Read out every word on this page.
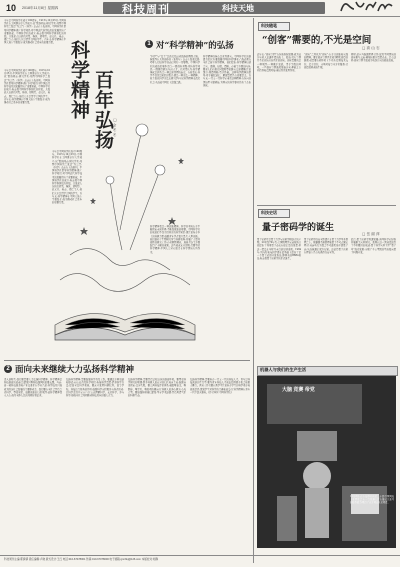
10 2018年11月8日 星期四	科技周刊	科技天地
科学精神 百年弘扬 □ 余 冬 冬
今年是中国科学社成立100周年。1915年10月25日,中国科学社在美国康奈尔大学成立,以“联络同志,研究学术,共图中国科学之发达”为宗旨,《科学》杂志在上海创刊。中国科学社倡导科学精神,推广科学知识,对中国近代科学技术的发展作出了重要贡献。中国科学社的成立,标志着中国科学体制化的开端。其发起人包括任鸿隽、杨铨、胡明复、赵元任、秉志、周仁等人,他们大多是留学美国的学生。百年来,科学精神在中国大地上生根发芽,成为推动社会进步的重要力量。
今年是中国科学社成立100周年。1915年10月25日,中国科学社在美国康奈尔大学成立,以“联络同志,研究学术,共图中国科学之发达”为宗旨,《科学》杂志在上海创刊。中国科学社倡导科学精神,推广科学知识,对中国近代科学技术的发展作出了重要贡献。中国科学社的成立,标志着中国科学体制化的开端。其发起人包括任鸿隽、杨铨、胡明复、赵元任、秉志、周仁等人,他们大多是留学美国的学生。百年来,科学精神在中国大地上生根发芽,成为推动社会进步的重要力量。
今年是中国科学社成立100周年。1915年10月25日,中国科学社在美国康奈尔大学成立,以“联络同志,研究学术,共图中国科学之发达”为宗旨,《科学》杂志在上海创刊。中国科学社倡导科学精神,推广科学知识,对中国近代科学技术的发展作出了重要贡献。中国科学社的成立,标志着中国科学体制化的开端。其发起人包括任鸿隽、杨铨、胡明复、赵元任、秉志、周仁等人,他们大多是留学美国的学生。百年来,科学精神在中国大地上生根发芽,成为推动社会进步的重要力量。
1 对“科学精神”的弘扬
“科学”与“民主”是新文化运动高扬的两面大旗。陈独秀在其所创办的《新青年》杂志上发表文章,呼吁人们以科学的态度对待一切事物。中国科学社的成员们身体力行,一面创办刊物,宣传科学知识,一面组织研究,培养人才。任鸿隽认为,科学精神就是求真,是一种追求真理的态度。在他看来,科学不仅仅是知识的集合,更是一种方法,一种精神。他主张以科学方法来研究学问,以科学精神来改造社会,从而使中国走上富强之路。
科学精神的核心是求真务实。中国科学社的创建者们认为,要发展中国的科学事业,首先必须在全社会树立科学精神。他们提出,科学精神包括崇实、贵确、察微、慎断、存疑等方面的内容,要求人们在研究问题时尊重事实,追求精确,注重细节,谨慎判断,勇于怀疑。这种科学精神的倡导,对于破除迷信、解放思想具有重要意义。百年来,一代又一代科学家秉承这种精神,在各自的领域里辛勤耕耘,为国家的科学事业作出了杰出贡献。
科学精神也是一种创新精神。科学的本质在于不断探索未知世界,不断发现新的规律。中国科学社的成员们不仅引进西方的科学知识,更注重培养本土的科研力量,鼓励青年学者独立思考,大胆创新。他们创办了生物研究所等科研机构,开展了大量开创性的研究工作,在动植物调查、地质考察等方面取得了丰硕的成果。这些成就充分说明,只要坚持科学精神,中国人完全有能力在科学领域有所作为。
2 面向未来继续大力弘扬科学精神
进入新时代,我们更需要大力弘扬科学精神。科学精神是科技创新的灵魂,是建设世界科技强国的重要支撑。当前,新一轮科技革命和产业变革正在孕育兴起,科学技术日益成为经济社会发展的主要驱动力。我们要在全社会营造崇尚科学、尊重知识、鼓励创新的良好氛围,使科学精神深入人心,成为全体人民的共同价值追求。
弘扬科学精神,需要加强科学普及工作。要通过多种渠道和形式,向公众普及科学知识,传播科学思想,倡导科学方法,提高全民科学素质。要充分发挥科研院所、高等学校、科技馆等机构的作用,鼓励科学家积极参与科普活动,让科学走进千家万户,让公众理解科学、支持科学、参与科学,形成全社会共同推动科技进步的强大合力。
弘扬科学精神,需要营造宽松包容的创新环境。要尊重科学研究的规律,给予科研人员充分的信任和自主权,鼓励自由探索,宽容失败。要完善科技评价体系,破除唯论文、唯职称、唯学历、唯奖项的倾向,让科研人员潜心研究,心无旁骛。要加强科研诚信建设,坚守学术道德,营造风清气正的科研生态。
弘扬科学精神,需要培养一代又一代的科技人才。青年是科技创新的生力军,要为青年科技人才成长提供更多机会和更大舞台。教育工作者要在教学中注重培养学生的科学素养和创新意识,激发学生对科学的兴趣和热爱,让科学精神在青年一代中薪火相传。(作者单位:中国科学院)
科技随笔
“创客”需要的,不光是空间
□ 高 山 石
近年来,“创客空间”在各地纷纷涌现,成为众多年轻人追逐梦想的热土。然而,仅有空间并不足以培养出真正的创客。创客需要的是一种氛围,一种敢于尝试、勇于失败的环境。一些创客空间虽然设施齐全,却缺乏专业指导和资源对接,难以真正发挥作用。
“创客”之所以为“创客”,在于其创新和实践的精神。要让创客空间真正成为孵化创意的摇篮,就需要在软环境上下功夫,提供技术支持、资金扶持、市场对接等全方位服务,让创意能够落地生根。
同时,还应当鼓励跨界合作,促进不同领域的创客相互交流,碰撞出更多思想火花。只有这样,创客空间才能成为名副其实的创新高地。
科技史话
量子密码学的诞生
□ 岳 丽 萍
量子密码学是量子力学与密码学相结合的产物。20世纪70年代,美国物理学家威斯纳首先提出了利用量子态来存储信息的设想,但这一想法在当时并未引起足够重视。1984年,贝内特和布拉萨德在此基础上提出了第一个量子密钥分发协议,即著名的BB84协议,标志着量子密码学的正式诞生。
量子密码学的安全性建立在量子力学基本原理之上。根据测不准原理和量子不可克隆定理,任何窃听行为都会不可避免地干扰量子态,从而被通信双方察觉。这使得量子密码在理论上具有无条件的安全性。
此后,量子密码学迅速发展,各国科学家纷纷开展相关实验研究。我国在这一领域也取得了举世瞩目的成就,量子科学实验卫星“墨子号”成功发射,实现了千公里级的星地双向量子纠缠分发。
机器人与我们的生产生活
大脑 竞赛 帝党
11月8日,在上海举办的第二十届中国国际工业博览会上,一台机器人正在展示其灵巧的操作能力,吸引了众多观众驻足观看。
科技周刊主编:郭倩倩 责任编辑:卢晓 版式设计:王红 电话:010-67078001 传真:010-67078000 电子邮箱:gmrbkj@126.com 本版校对:刘静
